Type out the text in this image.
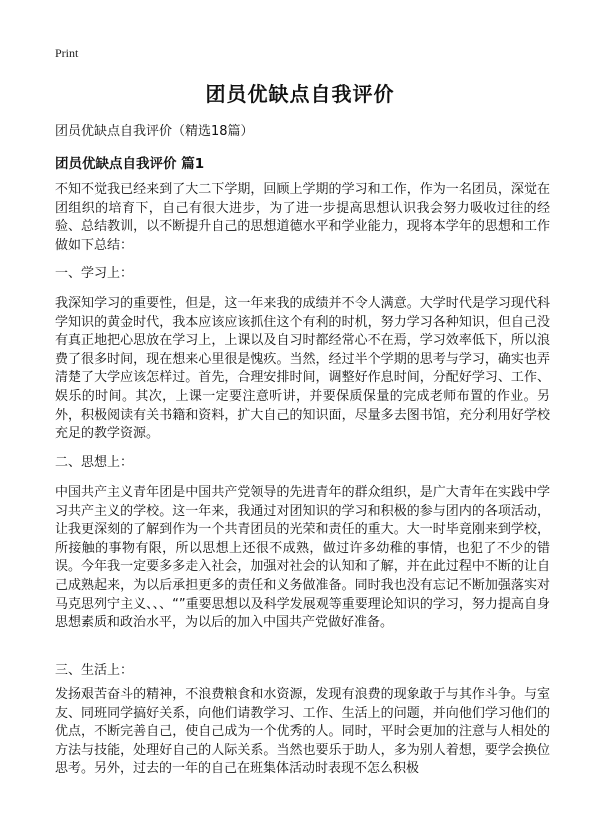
Print
团员优缺点自我评价
团员优缺点自我评价（精选18篇）
团员优缺点自我评价 篇1
不知不觉我已经来到了大二下学期，回顾上学期的学习和工作，作为一名团员，深觉在团组织的培育下，自己有很大进步，为了进一步提高思想认识我会努力吸收过往的经验、总结教训，以不断提升自己的思想道德水平和学业能力，现将本学年的思想和工作做如下总结：
一、学习上：
我深知学习的重要性，但是，这一年来我的成绩并不令人满意。大学时代是学习现代科学知识的黄金时代，我本应该应该抓住这个有利的时机，努力学习各种知识，但自己没有真正地把心思放在学习上，上课以及自习时都经常心不在焉，学习效率低下，所以浪费了很多时间，现在想来心里很是愧疚。当然，经过半个学期的思考与学习，确实也弄清楚了大学应该怎样过。首先，合理安排时间，调整好作息时间，分配好学习、工作、娱乐的时间。其次，上课一定要注意听讲，并要保质保量的完成老师布置的作业。另外，积极阅读有关书籍和资料，扩大自己的知识面，尽量多去图书馆，充分利用好学校充足的教学资源。
二、思想上：
中国共产主义青年团是中国共产党领导的先进青年的群众组织，是广大青年在实践中学习共产主义的学校。这一年来，我通过对团知识的学习和积极的参与团内的各项活动，让我更深刻的了解到作为一个共青团员的光荣和责任的重大。大一时毕竟刚来到学校，所接触的事物有限，所以思想上还很不成熟，做过许多幼稚的事情，也犯了不少的错误。今年我一定要多多走入社会，加强对社会的认知和了解，并在此过程中不断的让自己成熟起来，为以后承担更多的责任和义务做准备。同时我也没有忘记不断加强落实对马克思列宁主义、、、“”重要思想以及科学发展观等重要理论知识的学习，努力提高自身思想素质和政治水平，为以后的加入中国共产党做好准备。
三、生活上：
发扬艰苦奋斗的精神，不浪费粮食和水资源，发现有浪费的现象敢于与其作斗争。与室友、同班同学搞好关系，向他们请教学习、工作、生活上的问题，并向他们学习他们的优点，不断完善自己，使自己成为一个优秀的人。同时，平时会更加的注意与人相处的方法与技能，处理好自己的人际关系。当然也要乐于助人，多为别人着想，要学会换位思考。另外，过去的一年的自己在班集体活动时表现不怎么积极
